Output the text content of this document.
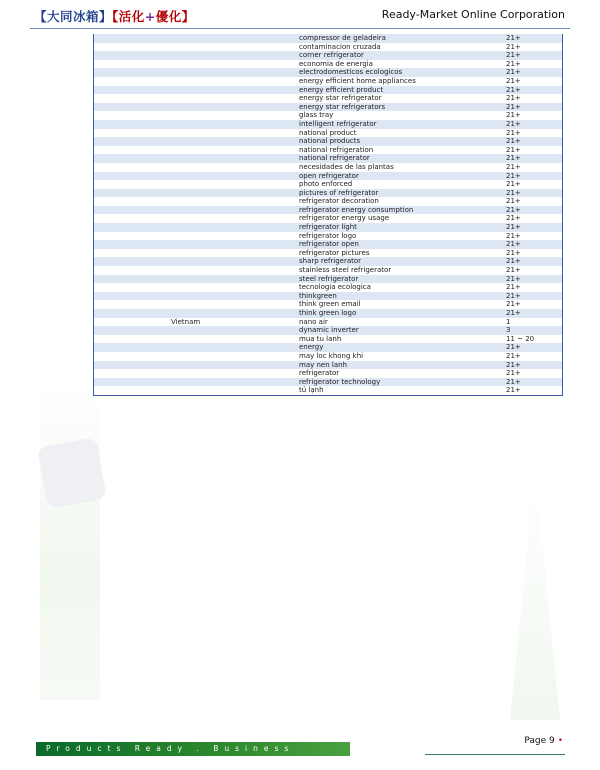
【大同冰箱】【活化+優化】	Ready-Market Online Corporation
compressor de geladeira	21+
contaminacion cruzada	21+
corner refrigerator	21+
economia de energia	21+
electrodomesticos ecologicos	21+
energy efficient home appliances	21+
energy efficient product	21+
energy star refrigerator	21+
energy star refrigerators	21+
glass tray	21+
intelligent refrigerator	21+
national product	21+
national products	21+
national refrigeration	21+
national refrigerator	21+
necesidades de las plantas	21+
open refrigerator	21+
photo enforced	21+
pictures of refrigerator	21+
refrigerator decoration	21+
refrigerator energy consumption	21+
refrigerator energy usage	21+
refrigerator light	21+
refrigerator logo	21+
refrigerator open	21+
refrigerator pictures	21+
sharp refrigerator	21+
stainless steel refrigerator	21+
steel refrigerator	21+
tecnologia ecologica	21+
thinkgreen	21+
think green email	21+
think green logo	21+
Vietnam	nano air	1
dynamic inverter	3
mua tu lanh	11 ~ 20
energy	21+
may loc khong khi	21+
may nen lanh	21+
refrigerator	21+
refrigerator technology	21+
tủ lạnh	21+
Products Ready . Business Ready
Page 9 •
